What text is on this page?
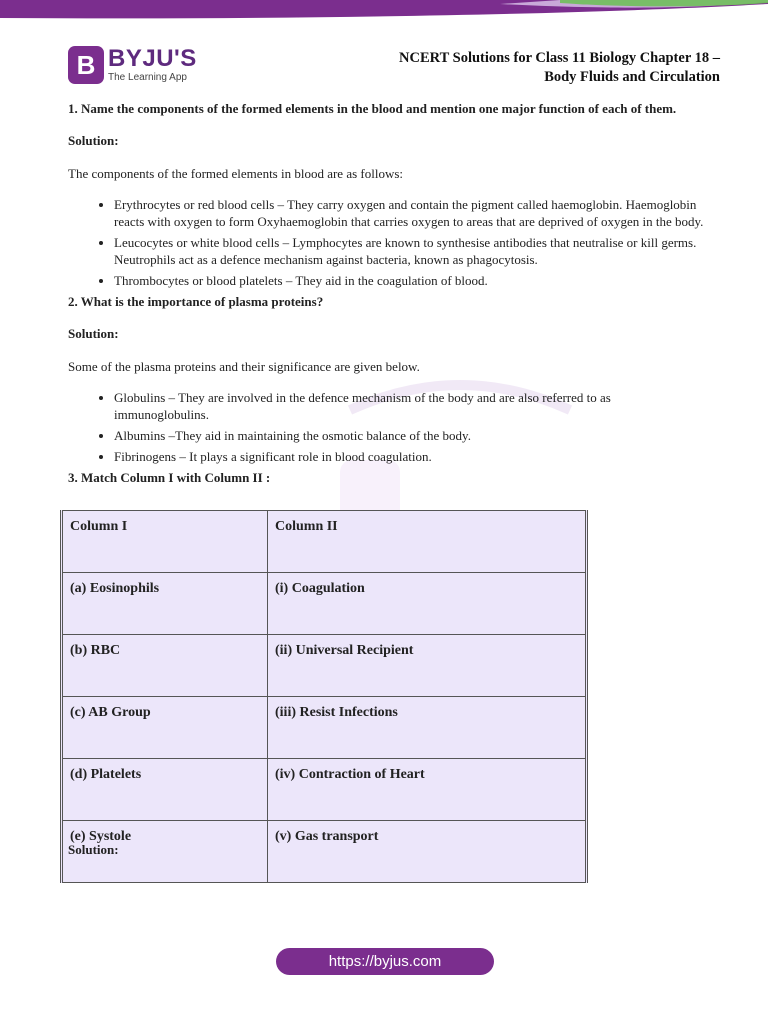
B BYJU'S
The Learning App
NCERT Solutions for Class 11 Biology Chapter 18 –
Body Fluids and Circulation
1. Name the components of the formed elements in the blood and mention one major function of each of them.
Solution:
The components of the formed elements in blood are as follows:
• Erythrocytes or red blood cells – They carry oxygen and contain the pigment called haemoglobin. Haemoglobin reacts with oxygen to form Oxyhaemoglobin that carries oxygen to areas that are deprived of oxygen in the body.
• Leucocytes or white blood cells – Lymphocytes are known to synthesise antibodies that neutralise or kill germs. Neutrophils act as a defence mechanism against bacteria, known as phagocytosis.
• Thrombocytes or blood platelets – They aid in the coagulation of blood.
2. What is the importance of plasma proteins?
Solution:
Some of the plasma proteins and their significance are given below.
• Globulins – They are involved in the defence mechanism of the body and are also referred to as immunoglobulins.
• Albumins –They aid in maintaining the osmotic balance of the body.
• Fibrinogens – It plays a significant role in blood coagulation.
3. Match Column I with Column II :
Column I	Column II
(a) Eosinophils	(i) Coagulation
(b) RBC	(ii) Universal Recipient
(c) AB Group	(iii) Resist Infections
(d) Platelets	(iv) Contraction of Heart
(e) Systole	(v) Gas transport
Solution:
https://byjus.com
